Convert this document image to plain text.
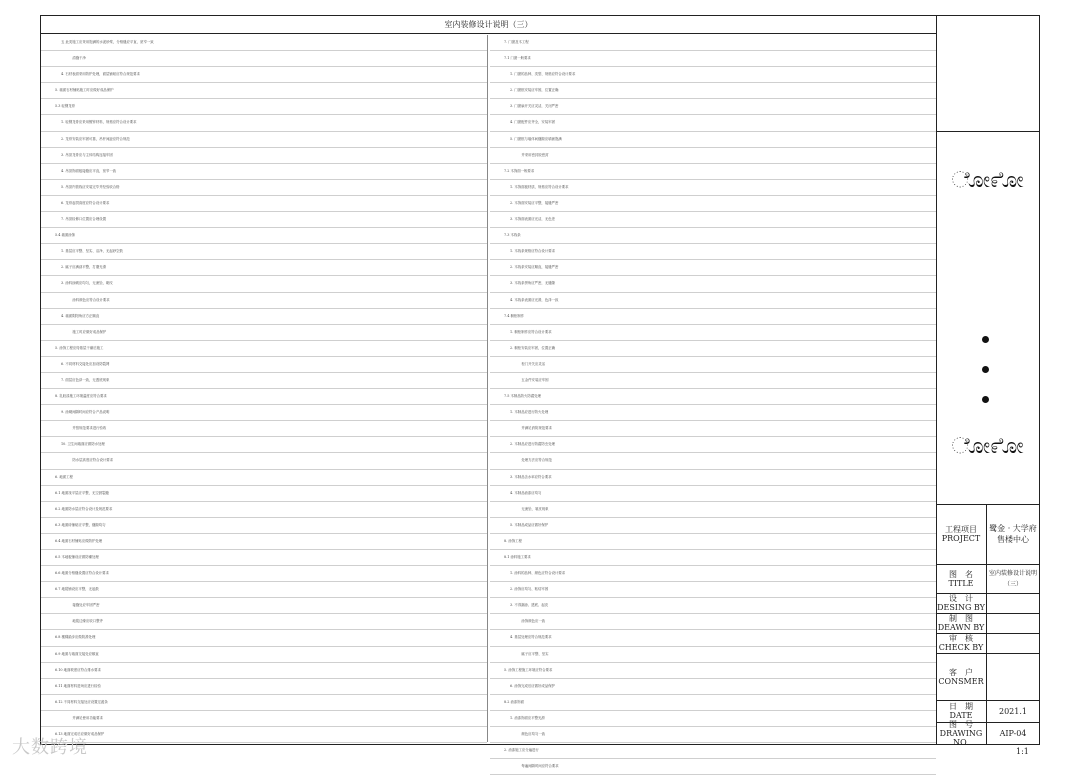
室内装修设计说明（三）
五 此类施工应采用饱满的水泥砂浆，分格缝应平直，宽窄一致
　清缝干净
4. 石材表面采用防护处理，面层铺贴应符合规范要求
5. 墙面石材铺贴施工时应做好成品保护
5.3 轻钢龙骨
1. 轻钢龙骨应采用镀锌材料，规格应符合设计要求
2. 龙骨安装应牢固可靠，吊杆间距应符合规范
3. 吊顶龙骨应与主体结构连接牢固
4. 吊顶饰面板接缝应平直，宽窄一致
5. 吊顶内管线应安装完毕并经验收合格
6. 龙骨起拱高度应符合设计要求
7. 吊顶检修口位置应合理设置
5.4 墙面涂饰
1. 基层应平整、坚实、洁净，无起砂空鼓
2. 腻子应满刮平整，打磨光滑
3. 涂料涂刷应均匀，无流坠、刷纹
　涂料颜色应符合设计要求
4. 墙面阴阳角应方正顺直
　施工时应做好成品保护
5. 涂饰工程应待基层干燥后施工
6. 不同材料交接处应加设防裂网
7. 面层应色泽一致，无透底现象
8. 乳胶漆施工环境温度应符合要求
9. 涂刷间隔时间应符合产品说明
　并按规范要求进行验收
10. 卫生间墙面应做防水处理
　防水层高度应符合设计要求
6. 地面工程
6.1 地面找平层应平整，无空鼓裂缝
6.2 地面防水层应符合设计及规范要求
6.3 地面砖铺贴应平整，缝隙均匀
6.4 地面石材铺贴应做防护处理
6.5 木地板铺设应做防潮处理
6.6 地面分格缝设置应符合设计要求
6.7 地毯铺设应平整，无起鼓
　接缝处应牢固严密
　地毯边缘应收口整齐
6.8 楼梯踏步应做防滑处理
6.9 地面与墙面交接处应顺直
6.10 地面坡度应符合排水要求
6.11 地面材料进场应进行检验
6.12 不同材料交接处应设置过渡条
　并满足使用功能要求
6.13 地面完成后应做好成品保护
7. 门窗及木工程
7.1 门窗一般要求
1. 门窗的品种、类型、规格应符合设计要求
2. 门窗框安装应牢固，位置正确
3. 门窗扇开关应灵活，关闭严密
4. 门窗配件应齐全，安装牢固
5. 门窗框与墙体间缝隙应填嵌饱满
　并采用密封胶密封
7.2 木饰面一般要求
1. 木饰面板材质、规格应符合设计要求
2. 木饰面安装应平整，接缝严密
3. 木饰面表面应光洁，无色差
7.3 木线条
1. 木线条规格应符合设计要求
2. 木线条安装应顺直，接缝严密
3. 木线条拼角应严密，无缝隙
4. 木线条表面应光滑，色泽一致
7.4 橱柜制作
1. 橱柜制作应符合设计要求
2. 橱柜安装应牢固，位置正确
　柜门开关应灵活
　五金件安装应牢固
7.5 木制品防火防腐处理
1. 木制品应进行防火处理
　并满足消防规范要求
2. 木制品应进行防腐防虫处理
　处理方法应符合规范
3. 木制品含水率应符合要求
4. 木制品油漆应均匀
　无流坠、皱皮现象
5. 木制品成品应做好保护
8. 涂饰工程
8.1 涂料施工要求
1. 涂料的品种、颜色应符合设计要求
2. 涂饰应均匀、粘结牢固
3. 不得漏涂、透底、起皮
　涂饰颜色应一致
4. 基层处理应符合规范要求
　腻子应平整、坚实
5. 涂饰工程施工环境应符合要求
6. 涂饰完成后应做好成品保护
8.2 油漆饰面
1. 油漆饰面应平整光滑
　颜色应均匀一致
2. 油漆施工应分遍进行
　每遍间隔时间应符合要求
ೋ೯ೋ
ೋ೯ೋ
工程项目
PROJECT
鹭金 · 大学府售楼中心
图　名
TITLE
室内装修设计说明（三）
设　计
DESING BY
制　图
DEAWN BY
审　核
CHECK BY
客　户
CONSMER
日　期
DATE	2021.1
图　号
DRAWING NO.
AIP-04
1:1
大数跨境
